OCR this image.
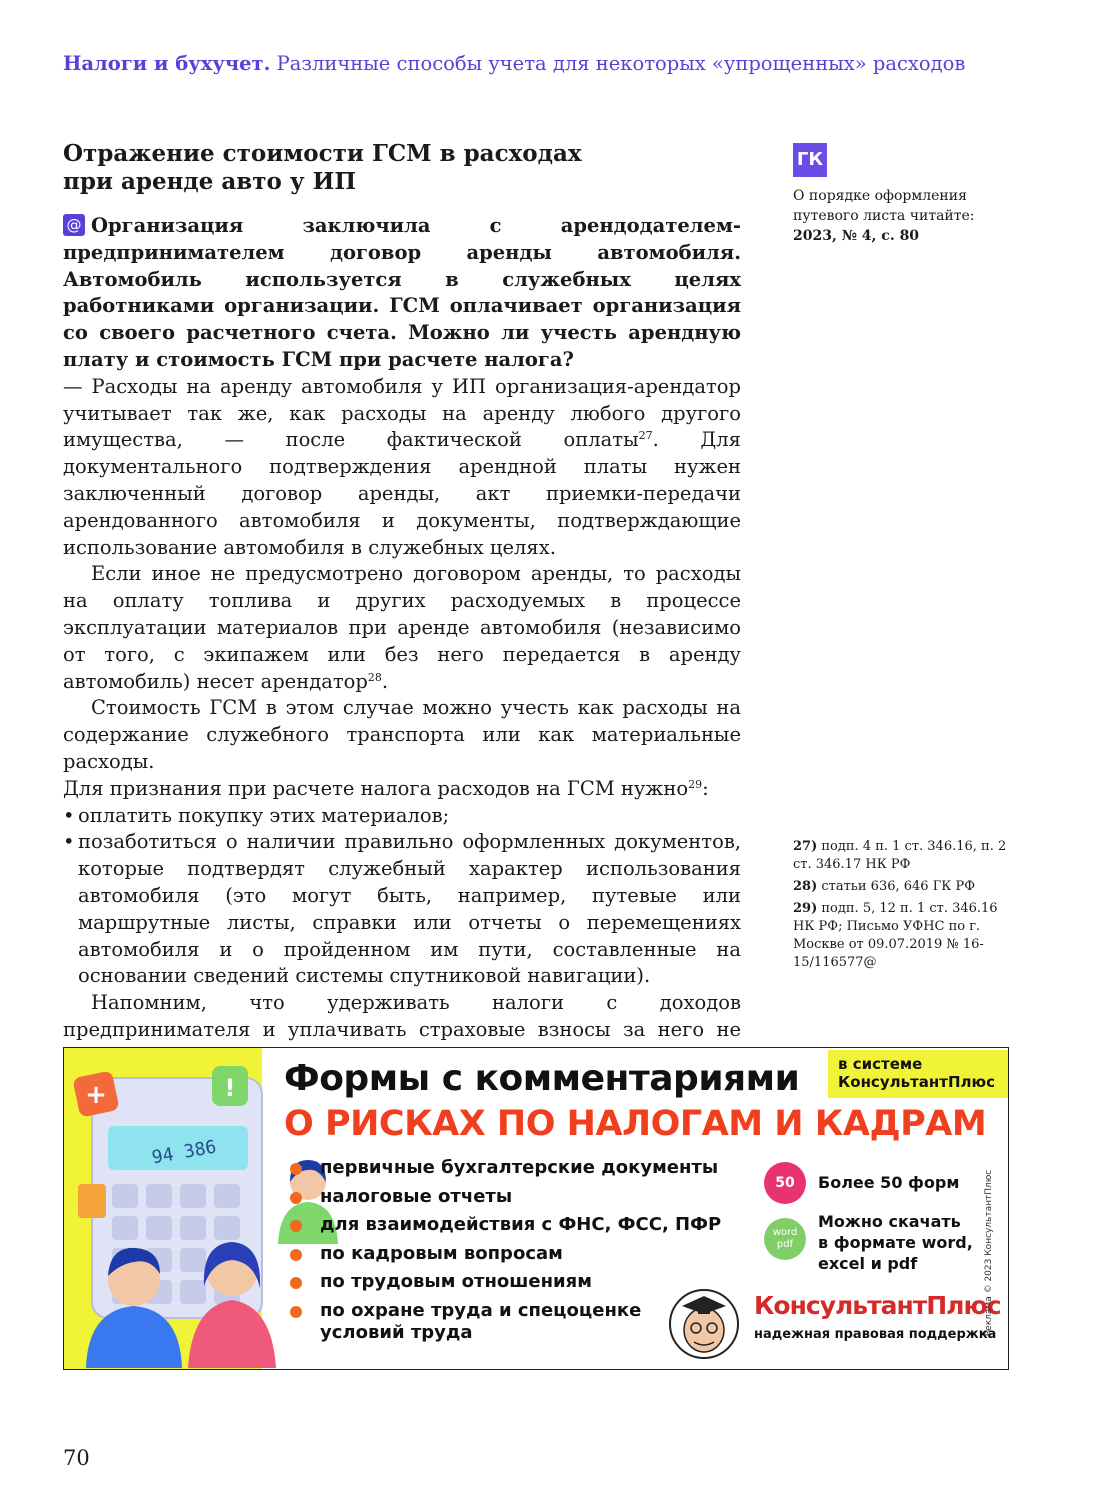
Налоги и бухучет. Различные способы учета для некоторых «упрощенных» расходов
Отражение стоимости ГСМ в расходах
при аренде авто у ИП

@ Организация заключила с арендодателем-предпринимателем договор аренды автомобиля. Автомобиль используется в служебных целях работниками организации. ГСМ оплачивает организация со своего расчетного счета. Можно ли учесть арендную плату и стоимость ГСМ при расчете налога?

— Расходы на аренду автомобиля у ИП организация-арендатор учитывает так же, как расходы на аренду любого другого имущества, — после фактической оплаты$^{27}$. Для документального подтверждения арендной платы нужен заключенный договор аренды, акт приемки-передачи арендованного автомобиля и документы, подтверждающие использование автомобиля в служебных целях.

Если иное не предусмотрено договором аренды, то расходы на оплату топлива и других расходуемых в процессе эксплуатации материалов при аренде автомобиля (независимо от того, с экипажем или без него передается в аренду автомобиль) несет арендатор$^{28}$.

Стоимость ГСМ в этом случае можно учесть как расходы на содержание служебного транспорта или как материальные расходы.

Для признания при расчете налога расходов на ГСМ нужно$^{29}$:

• оплатить покупку этих материалов;
• позаботиться о наличии правильно оформленных документов, которые подтвердят служебный характер использования автомобиля (это могут быть, например, путевые или маршрутные листы, справки или отчеты о перемещениях автомобиля и о пройденном им пути, составленные на основании сведений системы спутниковой навигации).

Напомним, что удерживать налоги с доходов предпринимателя и уплачивать страховые взносы за него не

ГК
О порядке оформления путевого листа читайте:
2023, № 4, с. 80
27) подп. 4 п. 1 ст. 346.16, п. 2 ст. 346.17 НК РФ
28) статьи 636, 646 ГК РФ
29) подп. 5, 12 п. 1 ст. 346.16 НК РФ; Письмо УФНС по г. Москве от 09.07.2019 № 16-15/116577@
94 386
+	! Формы с комментариями
О РИСКАХ ПО НАЛОГАМ И КАДРАМ
в системе
КонсультантПлюс
первичные бухгалтерские документы
налоговые отчеты
для взаимодействия с ФНС, ФСС, ПФР
по кадровым вопросам
по трудовым отношениям
по охране труда и спецоценке
условий труда
50	Более 50 форм
word
pdf
Можно скачать
в формате word,
excel и pdf
КонсультантПлюс
надежная правовая поддержка
Реклама © 2023 КонсультантПлюс
70
